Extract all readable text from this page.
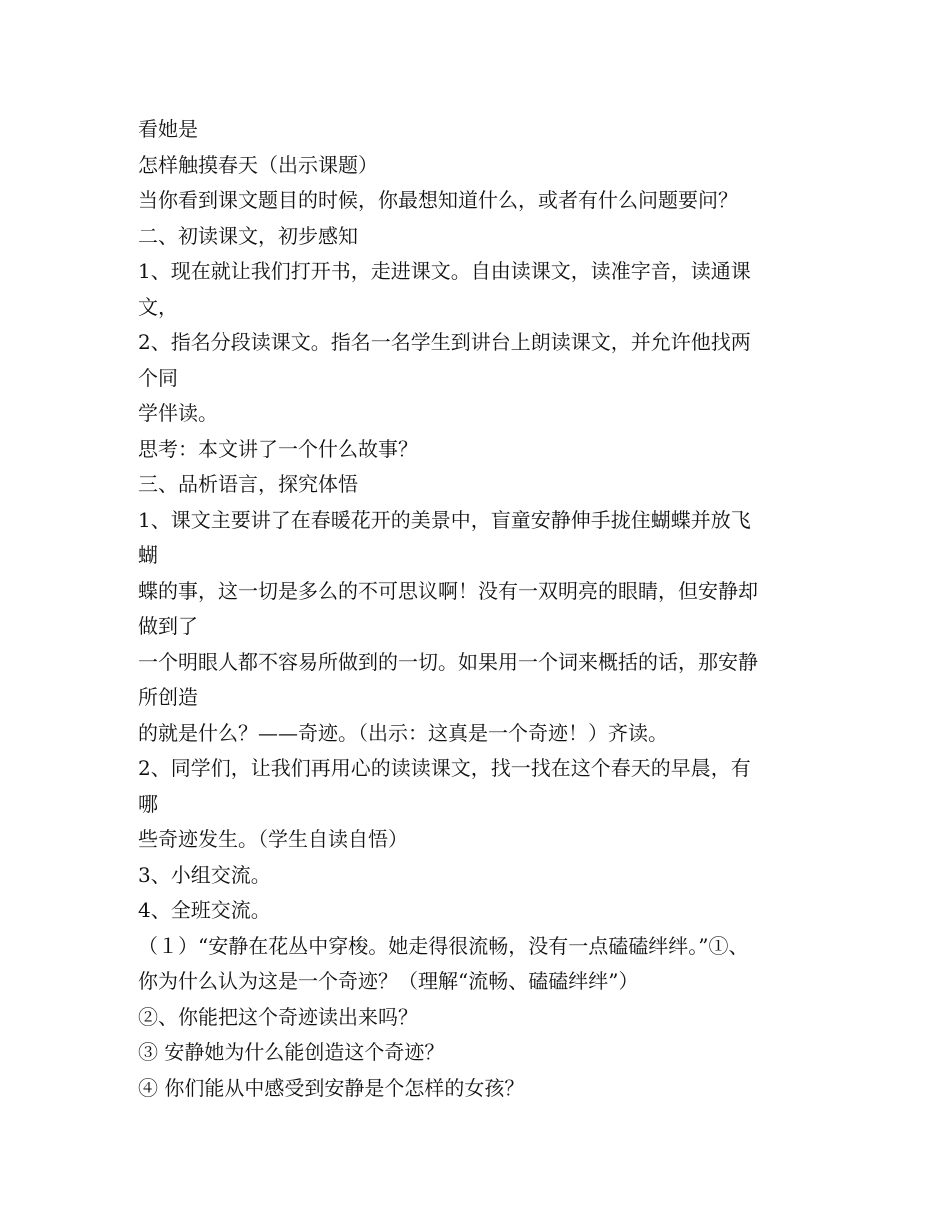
看她是
怎样触摸春天（出示课题）
当你看到课文题目的时候，你最想知道什么，或者有什么问题要问？
二、初读课文，初步感知
1、现在就让我们打开书，走进课文。自由读课文，读准字音，读通课
文，
2、指名分段读课文。指名一名学生到讲台上朗读课文，并允许他找两
个同
学伴读。
思考：本文讲了一个什么故事？
三、品析语言，探究体悟
1、课文主要讲了在春暖花开的美景中，盲童安静伸手拢住蝴蝶并放飞
蝴
蝶的事，这一切是多么的不可思议啊！没有一双明亮的眼睛，但安静却
做到了
一个明眼人都不容易所做到的一切。如果用一个词来概括的话，那安静
所创造
的就是什么？——奇迹。（出示：这真是一个奇迹！）齐读。
2、同学们，让我们再用心的读读课文，找一找在这个春天的早晨，有
哪
些奇迹发生。（学生自读自悟）
3、小组交流。
4、全班交流。
（１）“安静在花丛中穿梭。她走得很流畅，没有一点磕磕绊绊。”①、
你为什么认为这是一个奇迹？（理解“流畅、磕磕绊绊”）
②、你能把这个奇迹读出来吗？
③ 安静她为什么能创造这个奇迹？
④ 你们能从中感受到安静是个怎样的女孩？
